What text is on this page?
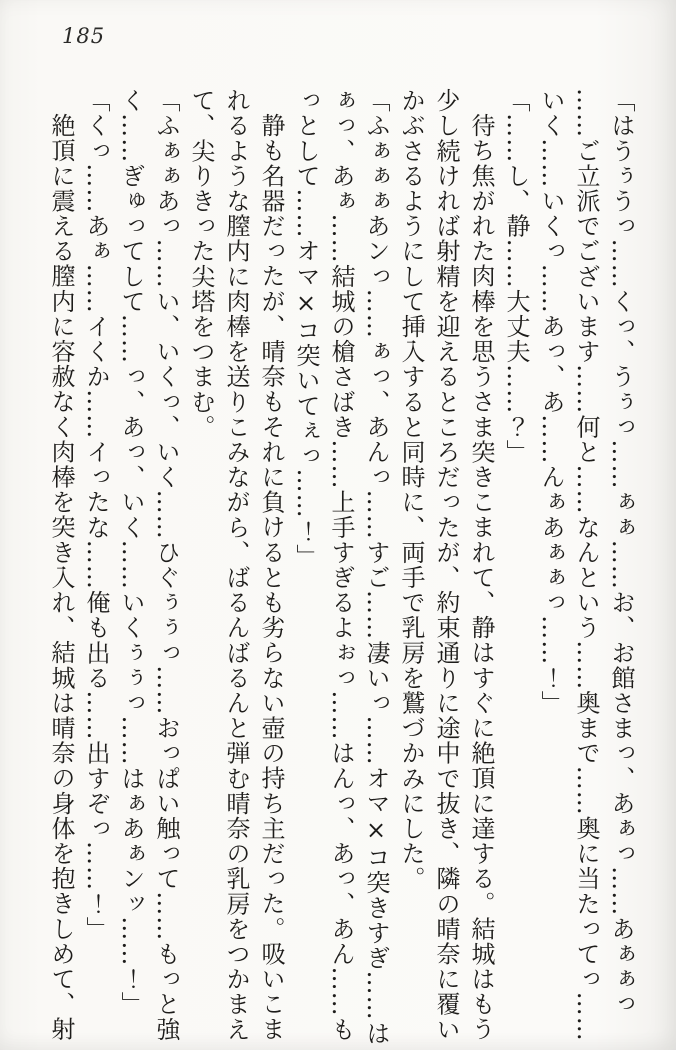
185

「はうぅうっ……くっ、うぅっ……ぁぁ……お、お館さまっ、あぁっ……あぁぁっ

……ご立派でございます……何と……なんという……奥まで……奥に当たってっ……

いく……いくっ……あっ、あ……んぁあぁぁっ……！」

「……し、静……大丈夫……？」

待ち焦がれた肉棒を思うさま突きこまれて、静はすぐに絶頂に達する。結城はもう

少し続ければ射精を迎えるところだったが、約束通りに途中で抜き、隣の晴奈に覆い

かぶさるようにして挿入すると同時に、両手で乳房を鷲づかみにした。

「ふぁぁぁあンっ……ぁっ、あんっ……すご……凄いっ……オマ×コ突きすぎ……は

ぁっ、あぁ……結城の槍さばき……上手すぎるよぉっ……はんっ、あっ、あん……も

っとして……オマ×コ突いてぇっ……！」

静も名器だったが、晴奈もそれに負けるとも劣らない壺の持ち主だった。吸いこま

れるような膣内に肉棒を送りこみながら、ばるんばるんと弾む晴奈の乳房をつかまえ

て、尖りきった尖塔をつまむ。

「ふぁぁあっ……い、いくっ、いく……ひぐぅぅっ……おっぱい触って……もっと強

く……ぎゅってして……っ、あっ、いく……いくぅぅっ……はぁあぁンッ……！」

「くっ……あぁ……イくか……イったな……俺も出る……出すぞっ……！」

絶頂に震える膣内に容赦なく肉棒を突き入れ、結城は晴奈の身体を抱きしめて、射
